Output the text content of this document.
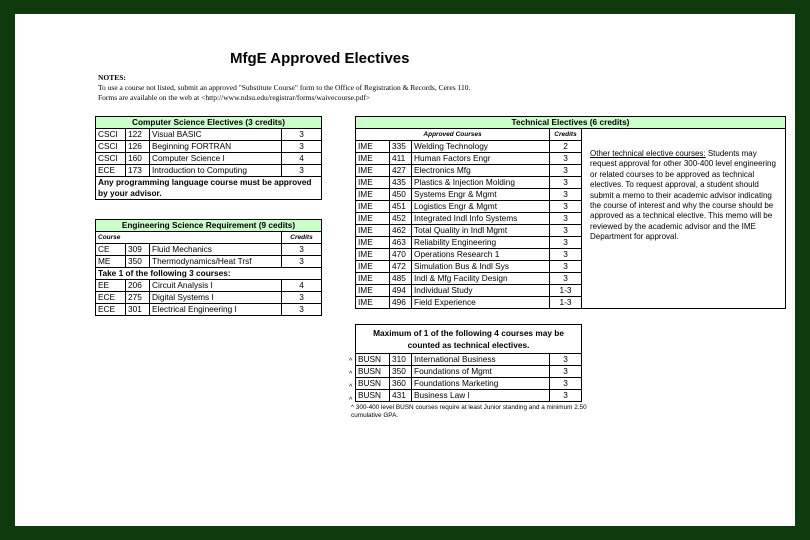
MfgE Approved Electives
NOTES:
To use a course not listed, submit an approved "Substitute Course" form to the Office of Registration & Records, Ceres 110.
Forms are available on the web at <http://www.ndsu.edu/registrar/forms/waivecourse.pdf>
Computer Science Electives (3 credits)			
CSCI	122	Visual BASIC	3
CSCI	126	Beginning FORTRAN	3
CSCI	160	Computer Science I	4
ECE	173	Introduction to Computing	3
Any programming language course must be approved by your advisor.			
Engineering Science Requirement (9 cedits)			
Course			Credits
CE	309	Fluid Mechanics	3
ME	350	Thermodynamics/Heat Trsf	3
Take 1 of the following 3 courses:			
EE	206	Circuit Analysis I	4
ECE	275	Digital Systems I	3
ECE	301	Electrical Engineering I	3
Technical Electives (6 credits)				
Approved Courses			Credits	Other technical elective courses: Students may request approval for other 300-400 level engineering or related courses to be approved as technical electives. To request approval, a student should submit a memo to their academic advisor indicating the course of interest and why the course should be approved as a technical elective. This memo will be reviewed by the academic advisor and the IME Department for approval.
IME	335	Welding Technology	2	
IME	411	Human Factors Engr	3	
IME	427	Electronics Mfg	3	
IME	435	Plastics & Injection Molding	3	
IME	450	Systems Engr & Mgmt	3	
IME	451	Logistics Engr & Mgmt	3	
IME	452	Integrated Indl Info Systems	3	
IME	462	Total Quality in Indl Mgmt	3	
IME	463	Reliability Engineering	3	
IME	470	Operations Research 1	3	
IME	472	Simulation Bus & Indl Sys	3	
IME	485	Indl & Mfg Facility Design	3	
IME	494	Individual Study	1-3	
IME	496	Field Experience	1-3	
Maximum of 1 of the following 4 courses may be counted as technical electives.			
BUSN	310	International Business	3
BUSN	350	Foundations of Mgmt	3
BUSN	360	Foundations Marketing	3
BUSN	431	Business Law I	3
^
^
^
^
^ 300-400 level BUSN courses require at least Junior standing and a minimum 2.50 cumulative GPA.
